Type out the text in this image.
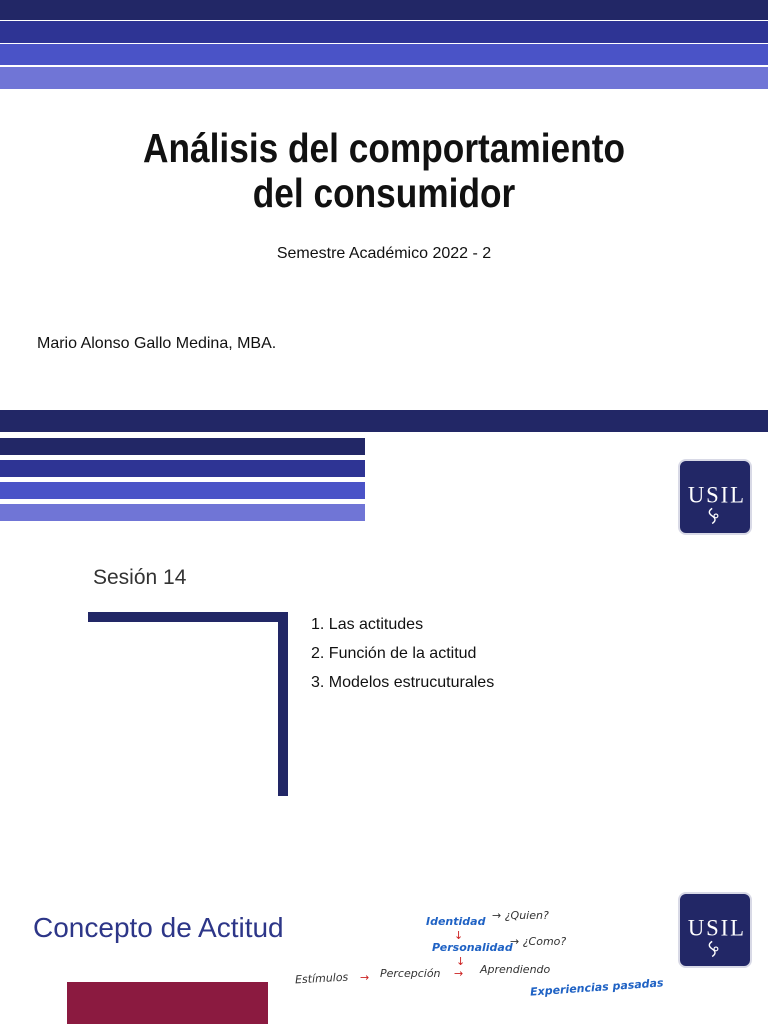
Análisis del comportamiento
del consumidor
Semestre Académico 2022 - 2
Mario Alonso Gallo Medina, MBA.
U S I L
Sesión 14
1. Las actitudes
2. Función de la actitud
3. Modelos estrucuturales
Concepto de Actitud	Identidad → ¿Quien?
↓
Personalidad
→ ¿Como?
↓
Estímulos → Percepción → Aprendiendo
Experiencias pasadas
U S I L
